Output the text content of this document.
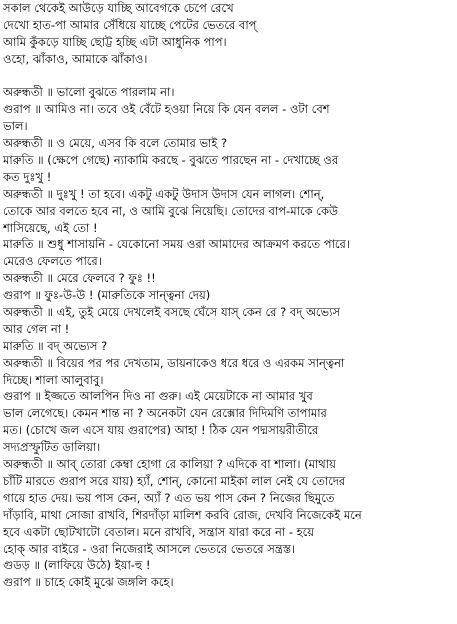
সকাল থেকেই আউড়ে যাচ্ছি আবেগকে চেপে রেখে
দেখো হাত-পা আমার সেঁধিয়ে যাচ্ছে পেটের ভেতরে বাপ্
আমি কুঁকড়ে যাচ্ছি ছোট্ট হচ্ছি এটা আধুনিক পাপ।
ওহো, ঝাঁকাও, আমাকে ঝাঁকাও।
অরুন্ধতী ॥ ভালো বুঝতে পারলাম না।
গুরাপ ॥ আমিও না। তবে ওই বেঁটে হওয়া নিয়ে কি যেন বলল - ওটা বেশ
ভাল।
অরুন্ধতী ॥ ও মেয়ে, এসব কি বলে তোমার ভাই ?
মারুতি ॥ (ক্ষেপে গেছে) ন্যাকামি করছে - বুঝতে পারছেন না - দেখাচ্ছে ওর
কত দুঃখু !
অরুন্ধতী ॥ দুঃখু ! তা হবে। একটু একটু উদাস উদাস যেন লাগল। শোন্,
তোকে আর বলতে হবে না, ও আমি বুঝে নিয়েছি। তোদের বাপ-মাকে কেউ
শাসিয়েছে, এই তো !
মারুতি ॥ শুধু শাসায়নি - যেকোনো সময় ওরা আমাদের আক্রমণ করতে পারে।
মেরেও ফেলতে পারে।
অরুন্ধতী ॥ মেরে ফেলবে ? ফুঃ !!
গুরাপ ॥ ফুঃ-উ-উ ! (মারুতিকে সান্ত্বনা দেয়)
অরুন্ধতী ॥ এই, তুই মেয়ে দেখলেই বসছে ঘেঁসে যাস্ কেন রে ? বদ্ অভ্যেস
আর গেল না !
মারুতি ॥ বদ্ অভ্যেস ?
অরুন্ধতী ॥ বিয়ের পর পর দেখতাম, ডায়নাকেও ধরে ধরে ও এরকম সান্ত্বনা
দিচ্ছে। শালা আলুবাবু।
গুরাপ ॥ ইজ্জতে আলপিন দিও না গুরু। এই মেয়েটাকে না আমার খুব
ভাল লেগেছে। কেমন শান্ত না ? অনেকটা যেন রেক্সোর দিদিমণি তাপামার
মত। (চোখে জল এসে যায় গুরাপের) আহা ! ঠিক যেন পদ্মসায়রীতীরে
সদ্যপ্রস্ফুটিত ডালিয়া।
অরুন্ধতী ॥ আব্ তোরা কেম্বা হোগা রে কালিয়া ? এদিকে বা শালা। (মাথায়
চাঁটি মারতে গুরাপ সরে যায়) হ্যাঁ, শোন্, কোনো মাইকা লাল নেই যে তোদের
গায়ে হাত দেয়। ভয় পাস কেন, অ্যাঁ ? এত ভয় পাস কেন ? নিজের ছিমুতে
দাঁড়াবি, মাথা সোজা রাখবি, শিরদাঁড়া মালিশ করবি রোজ, দেখবি নিজেকেই মনে
হবে একটা ছোটখাটো বেতাল। মনে রাখবি, সন্ত্রাস যারা করে না - হয়ে
হোক্ আর বাইরে - ওরা নিজেরাই আসলে ভেতরে ভেতরে সন্ত্রস্ত।
গুডড় ॥ (লাফিয়ে উঠে) ইয়া-হু !
গুরাপ ॥ চাহে কোই মুঝে জঙ্গলি কহে।
